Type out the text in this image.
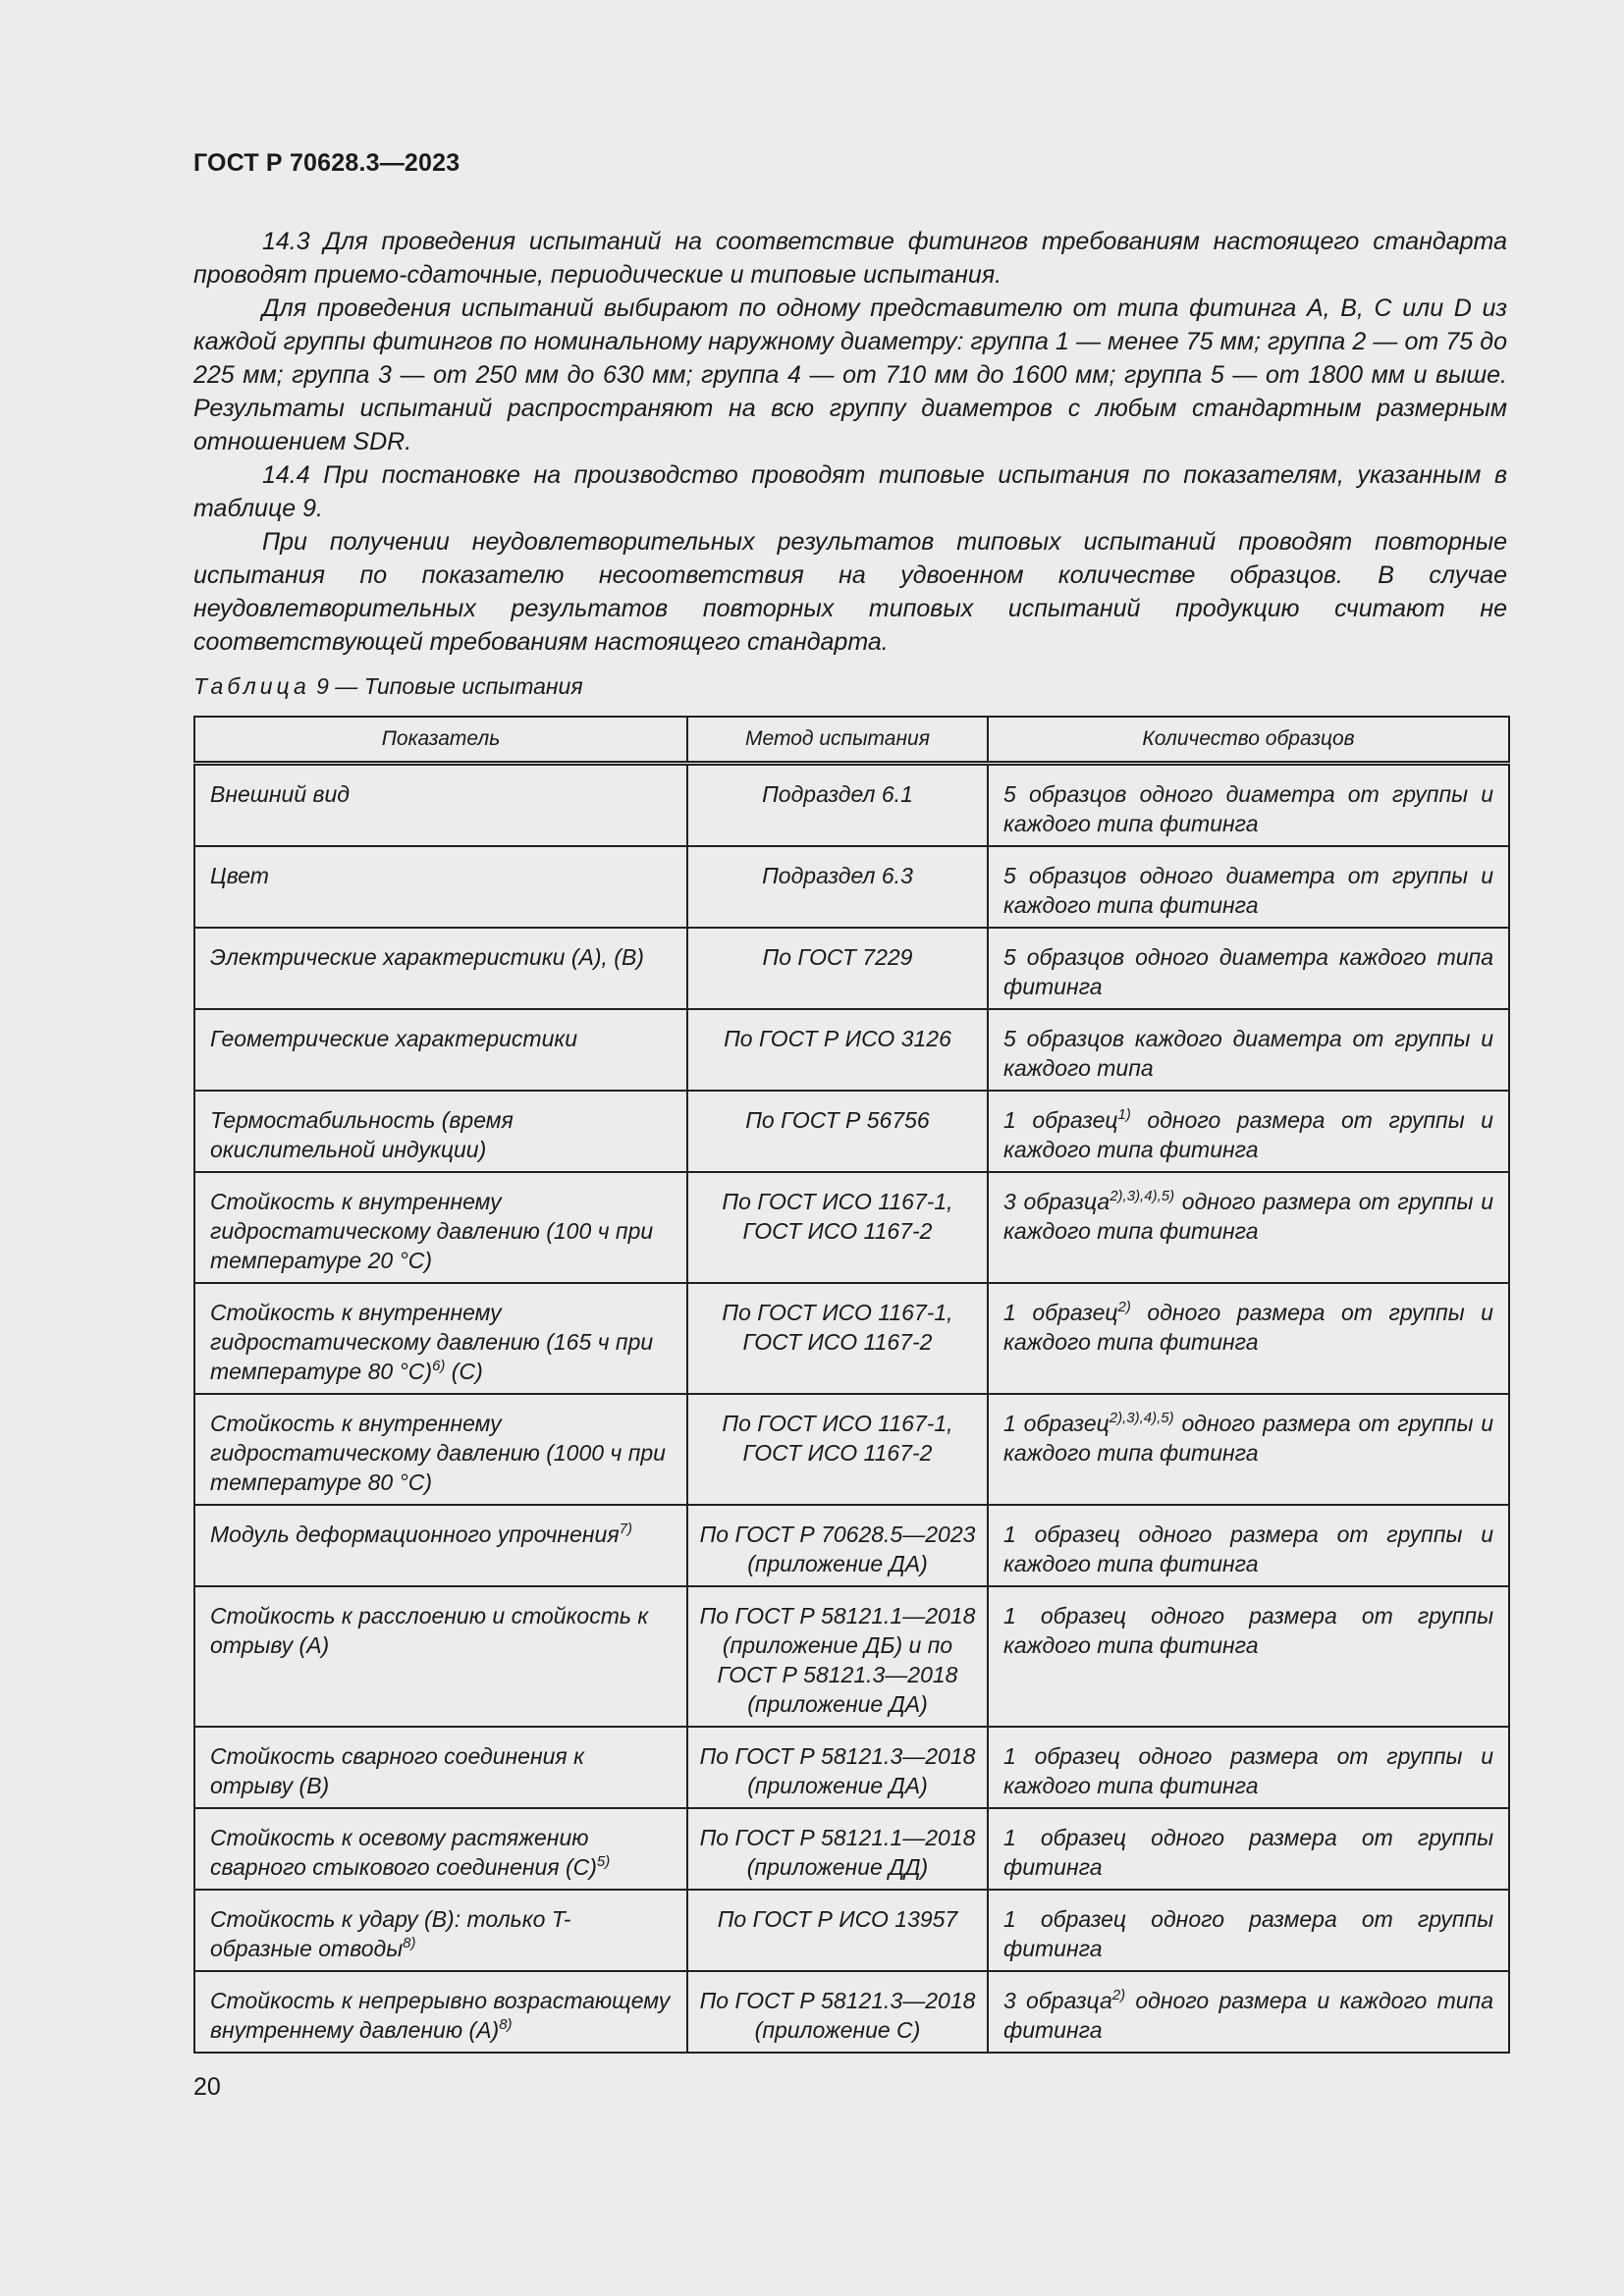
ГОСТ Р 70628.3—2023

14.3 Для проведения испытаний на соответствие фитингов требованиям настоящего стандарта проводят приемо-сдаточные, периодические и типовые испытания.

Для проведения испытаний выбирают по одному представителю от типа фитинга A, B, C или D из каждой группы фитингов по номинальному наружному диаметру: группа 1 — менее 75 мм; группа 2 — от 75 до 225 мм; группа 3 — от 250 мм до 630 мм; группа 4 — от 710 мм до 1600 мм; группа 5 — от 1800 мм и выше. Результаты испытаний распространяют на всю группу диаметров с любым стандартным размерным отношением SDR.

14.4 При постановке на производство проводят типовые испытания по показателям, указанным в таблице 9.

При получении неудовлетворительных результатов типовых испытаний проводят повторные испытания по показателю несоответствия на удвоенном количестве образцов. В случае неудовлетворительных результатов повторных типовых испытаний продукцию считают не соответствующей требованиям настоящего стандарта.

Таблица 9 — Типовые испытания
Показатель	Метод испытания	Количество образцов
Внешний вид	Подраздел 6.1	5 образцов одного диаметра от группы и каждого типа фитинга
Цвет	Подраздел 6.3	5 образцов одного диаметра от группы и каждого типа фитинга
Электрические характеристики (A), (B)	По ГОСТ 7229	5 образцов одного диаметра каждого типа фитинга
Геометрические характеристики	По ГОСТ Р ИСО 3126	5 образцов каждого диаметра от группы и каждого типа
Термостабильность (время окислительной индукции)	По ГОСТ Р 56756	1 образец$^{1)}$ одного размера от группы и каждого типа фитинга
Стойкость к внутреннему гидростатическому давлению (100 ч при температуре 20 °С)	По ГОСТ ИСО 1167-1, ГОСТ ИСО 1167-2	3 образца$^{2),3),4),5)}$ одного размера от группы и каждого типа фитинга
Стойкость к внутреннему гидростатическому давлению (165 ч при температуре 80 °С)$^{6)}$ (C)	По ГОСТ ИСО 1167-1, ГОСТ ИСО 1167-2	1 образец$^{2)}$ одного размера от группы и каждого типа фитинга
Стойкость к внутреннему гидростатическому давлению (1000 ч при температуре 80 °С)	По ГОСТ ИСО 1167-1, ГОСТ ИСО 1167-2	1 образец$^{2),3),4),5)}$ одного размера от группы и каждого типа фитинга
Модуль деформационного упрочнения$^{7)}$	По ГОСТ Р 70628.5—2023 (приложение ДА)	1 образец одного размера от группы и каждого типа фитинга
Стойкость к расслоению и стойкость к отрыву (A)	По ГОСТ Р 58121.1—2018 (приложение ДБ) и по ГОСТ Р 58121.3—2018 (приложение ДА)	1 образец одного размера от группы каждого типа фитинга
Стойкость сварного соединения к отрыву (B)	По ГОСТ Р 58121.3—2018 (приложение ДА)	1 образец одного размера от группы и каждого типа фитинга
Стойкость к осевому растяжению сварного стыкового соединения $(C)^{5)}$	По ГОСТ Р 58121.1—2018 (приложение ДД)	1 образец одного размера от группы фитинга
Стойкость к удару (B): только T-образные отводы$^{8)}$	По ГОСТ Р ИСО 13957	1 образец одного размера от группы фитинга
Стойкость к непрерывно возрастающему внутреннему давлению $(A)^{8)}$	По ГОСТ Р 58121.3—2018 (приложение C)	3 образца$^{2)}$ одного размера и каждого типа фитинга
20
